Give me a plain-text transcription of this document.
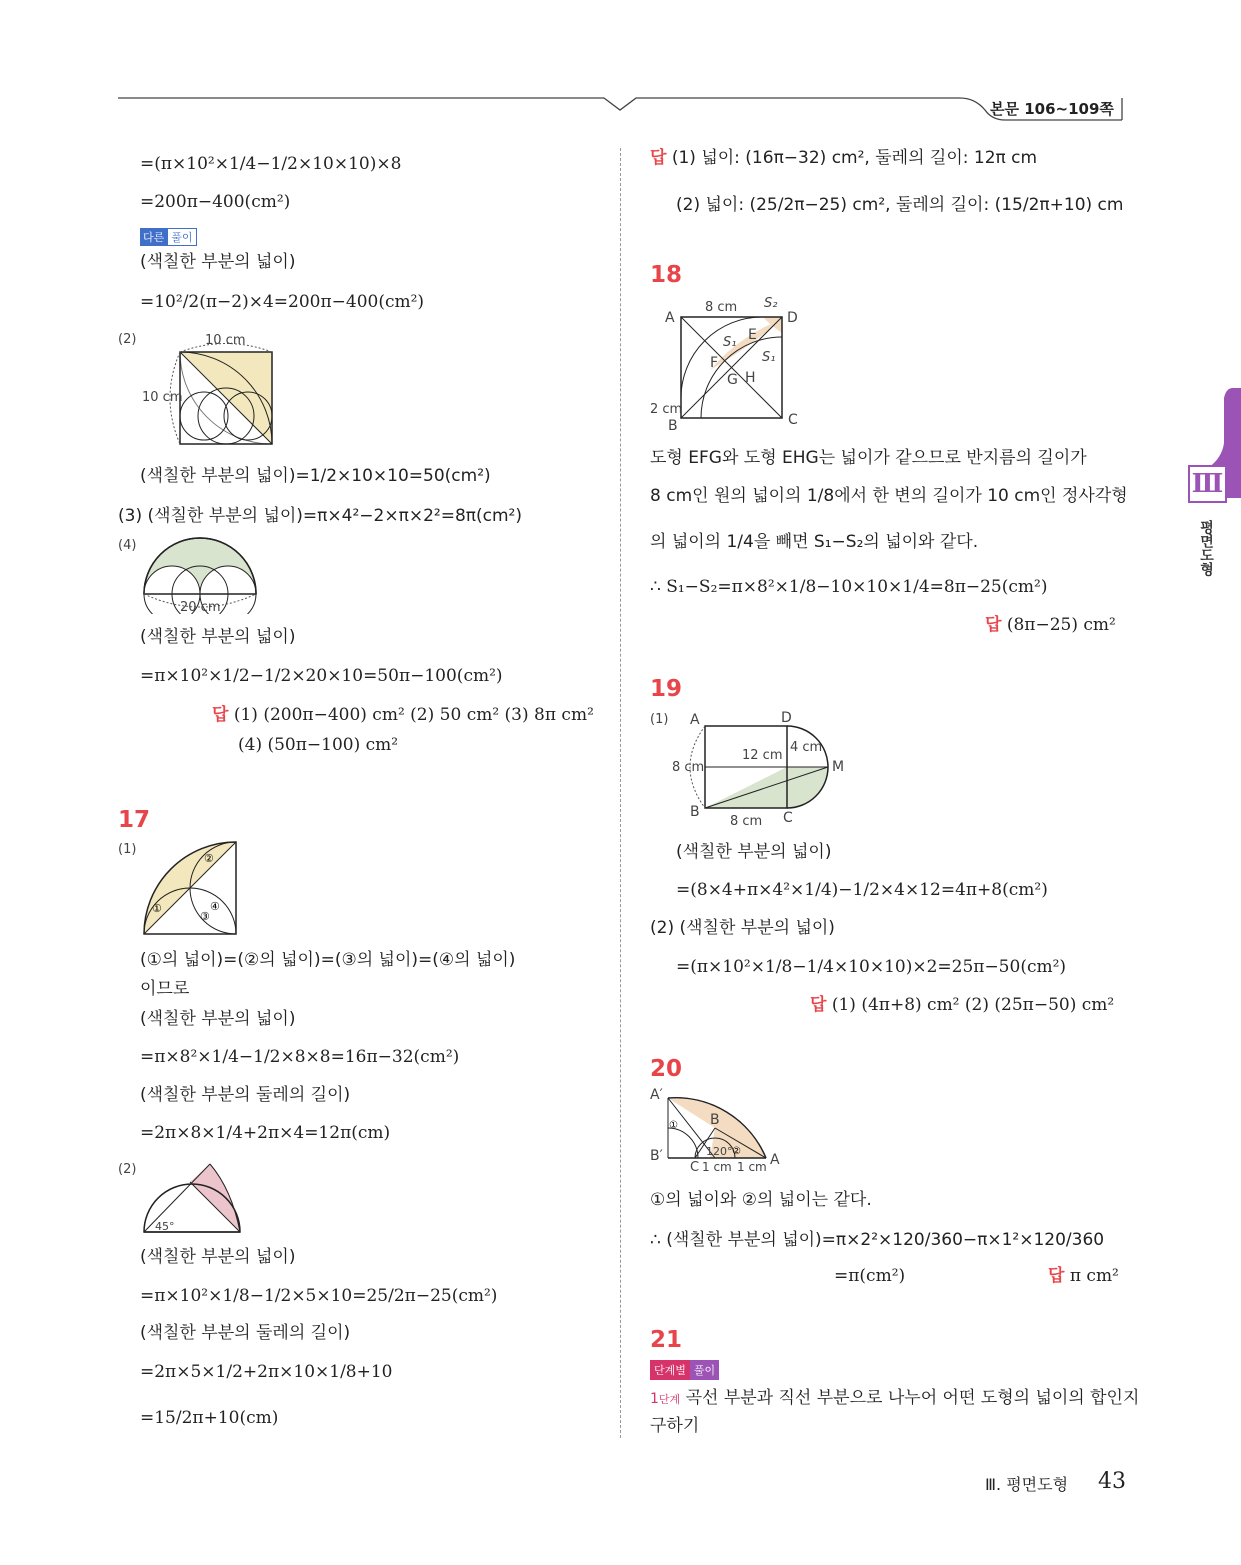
본문 106~109쪽
Ⅲ
평면도형
=(π×10²×1/4−1/2×10×10)×8
=200π−400(cm²)
다른 풀이
(색칠한 부분의 넓이)
=10²/2(π−2)×4=200π−400(cm²)
(2)	10 cm
10 cm
(색칠한 부분의 넓이)=1/2×10×10=50(cm²)
(3) (색칠한 부분의 넓이)=π×4²−2×π×2²=8π(cm²)
(4)
20 cm
(색칠한 부분의 넓이)
=π×10²×1/2−1/2×20×10=50π−100(cm²)
답 (1) (200π−400) cm² (2) 50 cm² (3) 8π cm²
(4) (50π−100) cm²
17
(1)
②
①	④
③
(①의 넓이)=(②의 넓이)=(③의 넓이)=(④의 넓이)
이므로
(색칠한 부분의 넓이)
=π×8²×1/4−1/2×8×8=16π−32(cm²)
(색칠한 부분의 둘레의 길이)
=2π×8×1/4+2π×4=12π(cm)
(2)
45°
(색칠한 부분의 넓이)
=π×10²×1/8−1/2×5×10=25/2π−25(cm²)
(색칠한 부분의 둘레의 길이)
=2π×5×1/2+2π×10×1/8+10
=15/2π+10(cm)
답 (1) 넓이: (16π−32) cm², 둘레의 길이: 12π cm
(2) 넓이: (25/2π−25) cm², 둘레의 길이: (15/2π+10) cm
18
A
B	C
D
E
F
G H
S₁
S₁
S₂
8 cm
2 cm
도형 EFG와 도형 EHG는 넓이가 같으므로 반지름의 길이가
8 cm인 원의 넓이의 1/8에서 한 변의 길이가 10 cm인 정사각형
의 넓이의 1/4을 빼면 S₁−S₂의 넓이와 같다.
∴ S₁−S₂=π×8²×1/8−10×10×1/4=8π−25(cm²)
답 (8π−25) cm²
19
(1) A
B	C
D
M
12 cm
8 cm
4 cm
8 cm
(색칠한 부분의 넓이)
=(8×4+π×4²×1/4)−1/2×4×12=4π+8(cm²)
(2) (색칠한 부분의 넓이)
=(π×10²×1/8−1/4×10×10)×2=25π−50(cm²)
답 (1) (4π+8) cm² (2) (25π−50) cm²
20
①
②
A′
B′
B
A
C 1 cm 1 cm
120°
①의 넓이와 ②의 넓이는 같다.
∴ (색칠한 부분의 넓이)=π×2²×120/360−π×1²×120/360
=π(cm²)	답 π cm²
21
단계별 풀이
1단계 곡선 부분과 직선 부분으로 나누어 어떤 도형의 넓이의 합인지
구하기
Ⅲ. 평면도형 43
